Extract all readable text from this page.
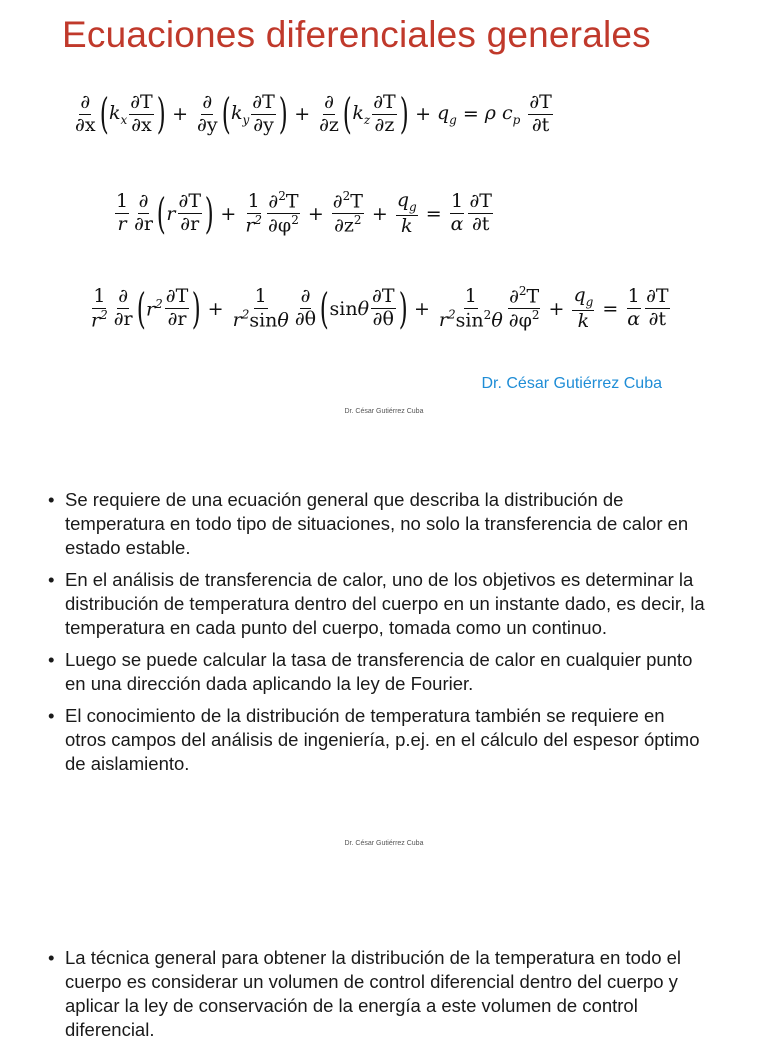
Ecuaciones diferenciales generales
$\frac{\partial}{\partial x}$ ( $k_x \frac{\partial T}{\partial x}$ ) + $\frac{\partial}{\partial y}$ ( $k_y \frac{\partial T}{\partial y}$ ) + $\frac{\partial}{\partial z}$ ( $k_z \frac{\partial T}{\partial z}$ ) + $q_g = \rho$ $c_p \frac{\partial T}{\partial t}$
$\frac{1}{r} \frac{\partial}{\partial r}$ ( r $\frac{\partial T}{\partial r}$ ) + $\frac{1}{r^2} \frac{\partial^2T}{\partial\varphi^2} + \frac{\partial^2T}{\partial z^2} + \frac{q_g}{k} = \frac{1}{\alpha} \frac{\partial T}{\partial t}$
$\frac{1}{r^2} \frac{\partial}{\partial r}$ ( $r^2 \frac{\partial T}{\partial r}$ ) + $\frac{1}{r^2\sin\theta} \frac{\partial}{\partial\theta}$ ( sinθ $\frac{\partial T}{\partial\theta}$ ) + $\frac{1}{r^2\sin^2\theta} \frac{\partial^2T}{\partial\varphi^2} + \frac{q_g}{k} = \frac{1}{\alpha} \frac{\partial T}{\partial t}$
Dr. César Gutiérrez Cuba
Dr. César Gutiérrez Cuba
• Se requiere de una ecuación general que describa la distribución de temperatura en todo tipo de situaciones, no solo la transferencia de calor en estado estable.
• En el análisis de transferencia de calor, uno de los objetivos es determinar la distribución de temperatura dentro del cuerpo en un instante dado, es decir, la temperatura en cada punto del cuerpo, tomada como un continuo.
• Luego se puede calcular la tasa de transferencia de calor en cualquier punto en una dirección dada aplicando la ley de Fourier.
• El conocimiento de la distribución de temperatura también se requiere en otros campos del análisis de ingeniería, p.ej. en el cálculo del espesor óptimo de aislamiento.
Dr. César Gutiérrez Cuba
• La técnica general para obtener la distribución de la temperatura en todo el cuerpo es considerar un volumen de control diferencial dentro del cuerpo y aplicar la ley de conservación de la energía a este volumen de control diferencial.
